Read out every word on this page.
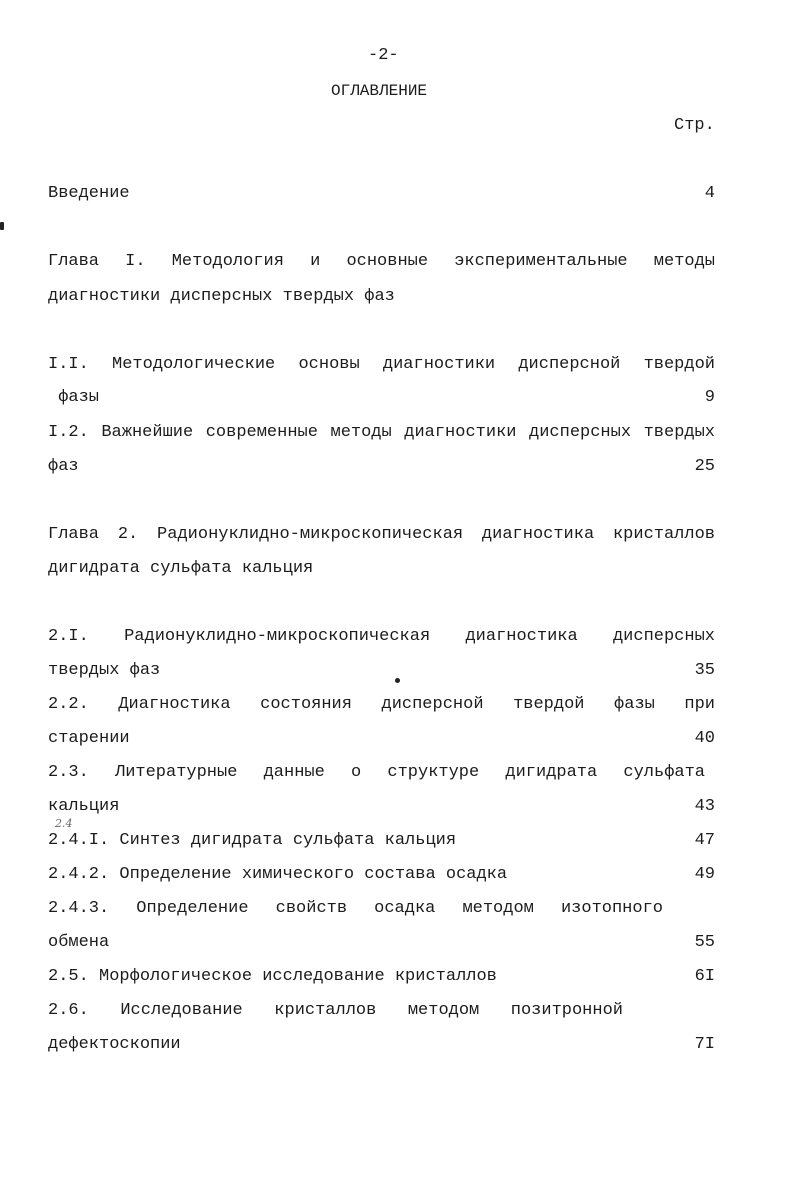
-2-
ОГЛАВЛЕНИЕ
Стр.
Введение	4
Глава I. Методология и основные экспериментальные методы
диагностики дисперсных твердых фаз
I.I. Методологические основы диагностики дисперсной твердой
фазы	9
I.2. Важнейшие современные методы диагностики дисперсных твердых
фаз	25
Глава 2. Радионуклидно-микроскопическая диагностика кристаллов
дигидрата сульфата кальция
2.I. Радионуклидно-микроскопическая диагностика дисперсных
твердых фаз	35
2.2. Диагностика состояния дисперсной твердой фазы при
старении	40
2.3. Литературные данные о структуре дигидрата сульфата
кальция	43
2.4.I. Синтез дигидрата сульфата кальция	47
2.4.2. Определение химического состава осадка	49
2.4.3. Определение свойств осадка методом изотопного
обмена	55
2.5. Морфологическое исследование кристаллов	6I
2.6. Исследование кристаллов методом позитронной
дефектоскопии	7I
2.4
